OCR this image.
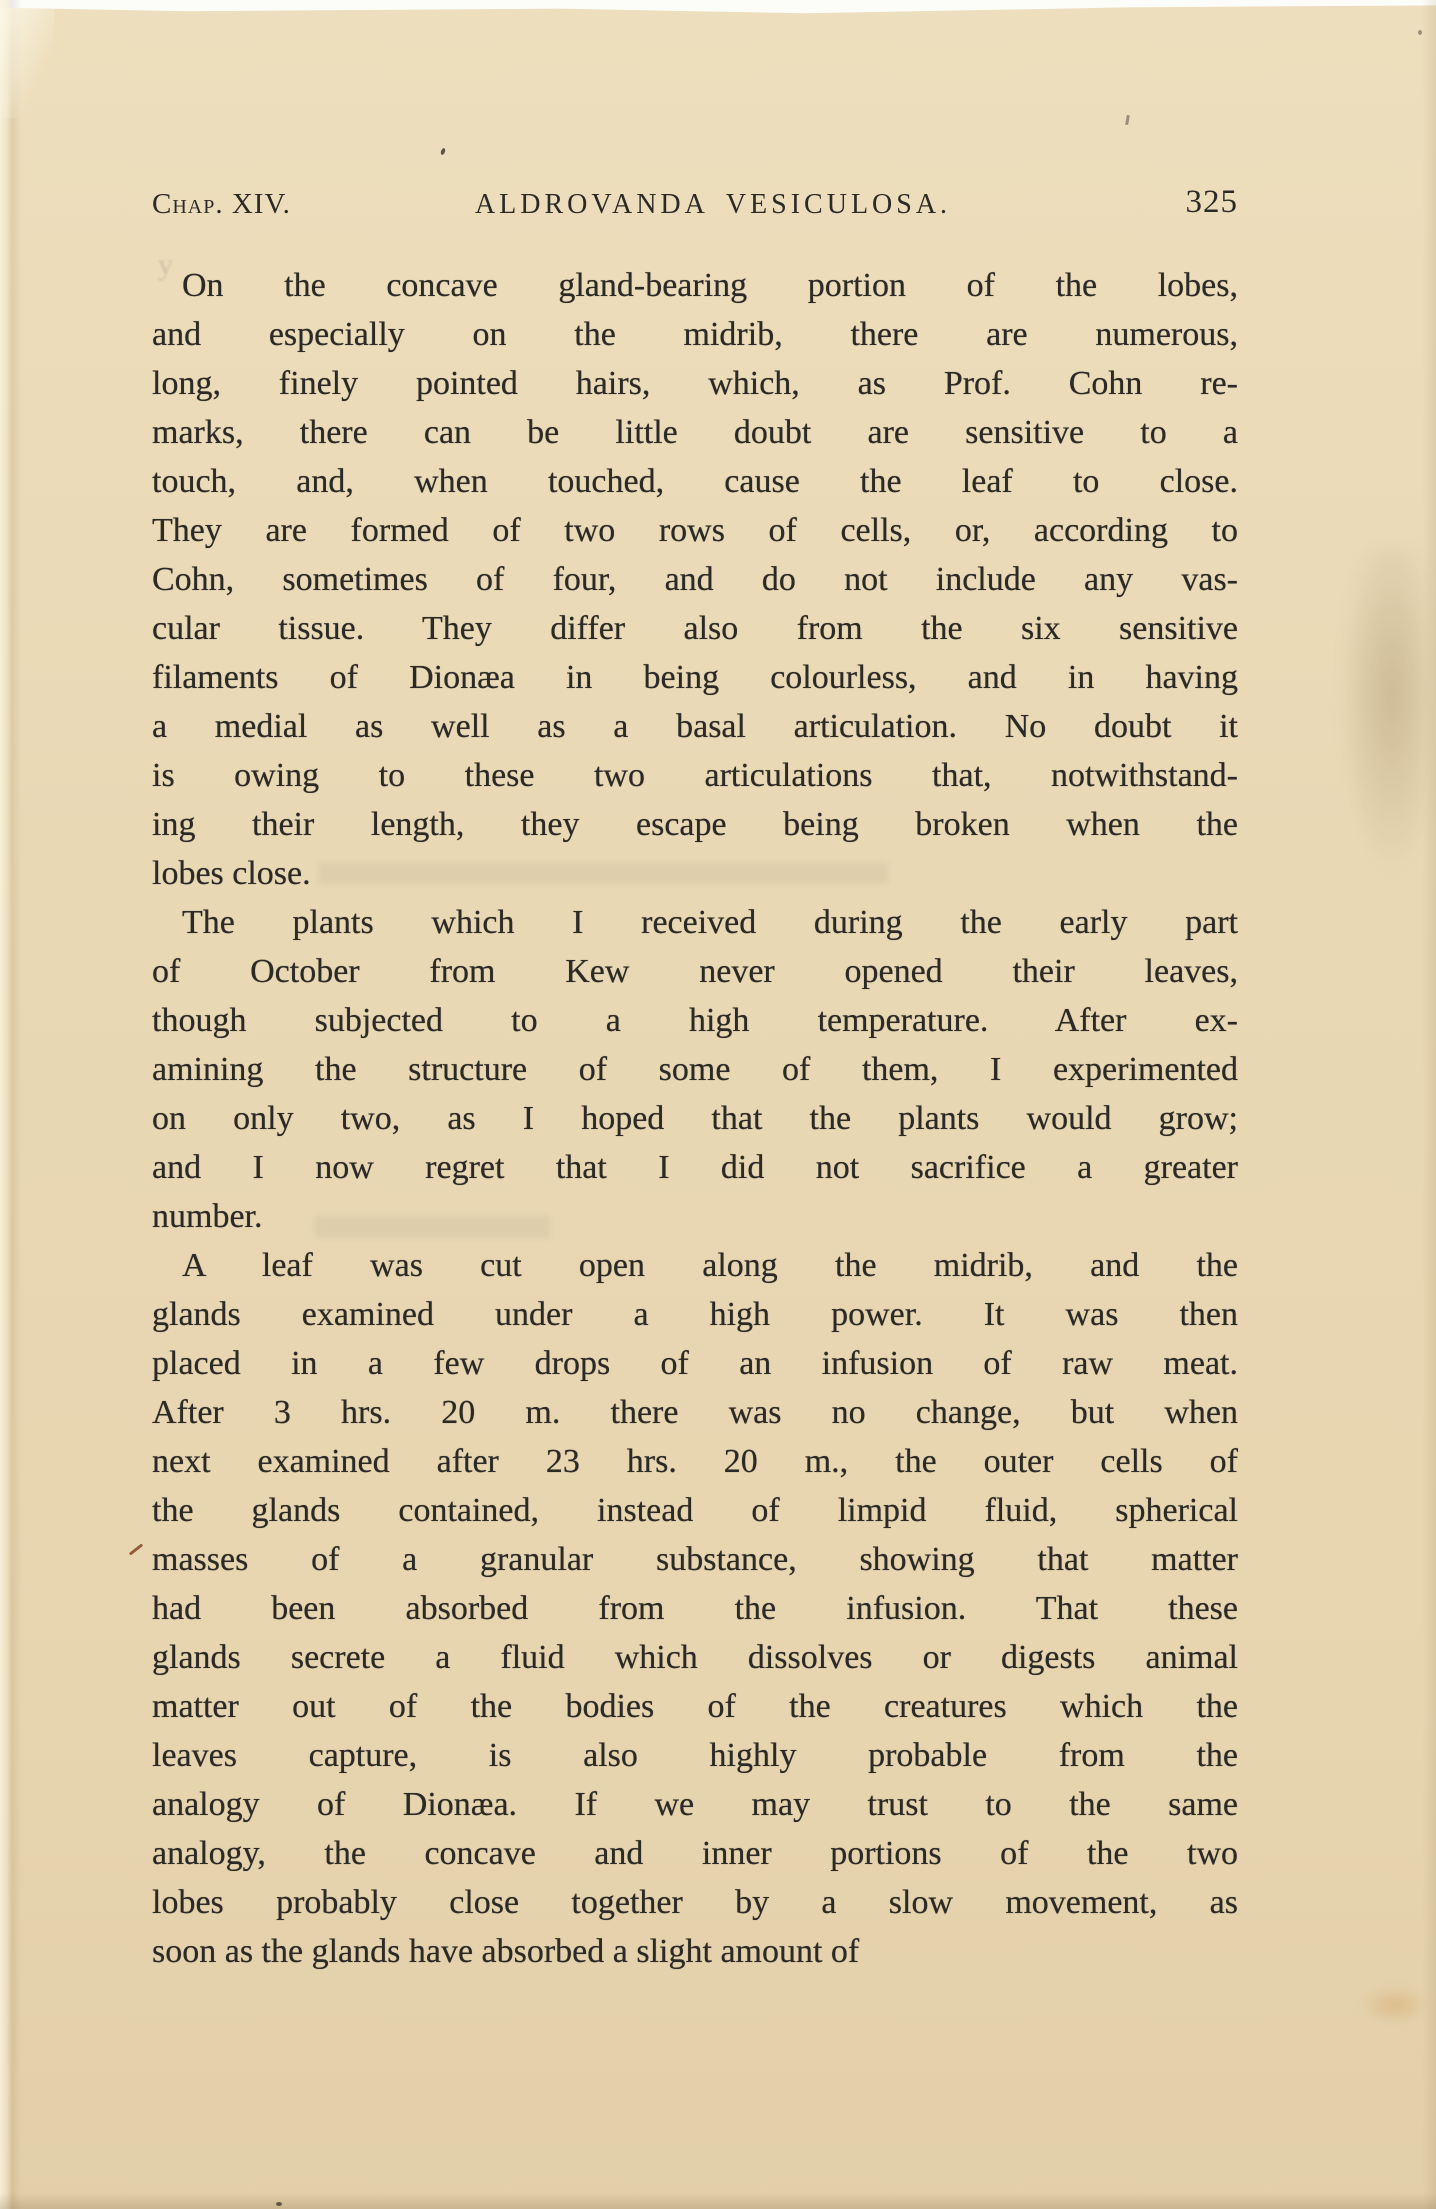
Chap. XIV.	ALDROVANDA VESICULOSA.	325
On the concave gland-bearing portion of the lobes,
and especially on the midrib, there are numerous,
long, finely pointed hairs, which, as Prof. Cohn re-
marks, there can be little doubt are sensitive to a
touch, and, when touched, cause the leaf to close.
They are formed of two rows of cells, or, according to
Cohn, sometimes of four, and do not include any vas-
cular tissue. They differ also from the six sensitive
filaments of Dionæa in being colourless, and in having
a medial as well as a basal articulation. No doubt it
is owing to these two articulations that, notwithstand-
ing their length, they escape being broken when the
lobes close.
The plants which I received during the early part
of October from Kew never opened their leaves,
though subjected to a high temperature. After ex-
amining the structure of some of them, I experimented
on only two, as I hoped that the plants would grow;
and I now regret that I did not sacrifice a greater
number.
A leaf was cut open along the midrib, and the
glands examined under a high power. It was then
placed in a few drops of an infusion of raw meat.
After 3 hrs. 20 m. there was no change, but when
next examined after 23 hrs. 20 m., the outer cells of
the glands contained, instead of limpid fluid, spherical
masses of a granular substance, showing that matter
had been absorbed from the infusion. That these
glands secrete a fluid which dissolves or digests animal
matter out of the bodies of the creatures which the
leaves capture, is also highly probable from the
analogy of Dionæa. If we may trust to the same
analogy, the concave and inner portions of the two
lobes probably close together by a slow movement, as
soon as the glands have absorbed a slight amount of
y
